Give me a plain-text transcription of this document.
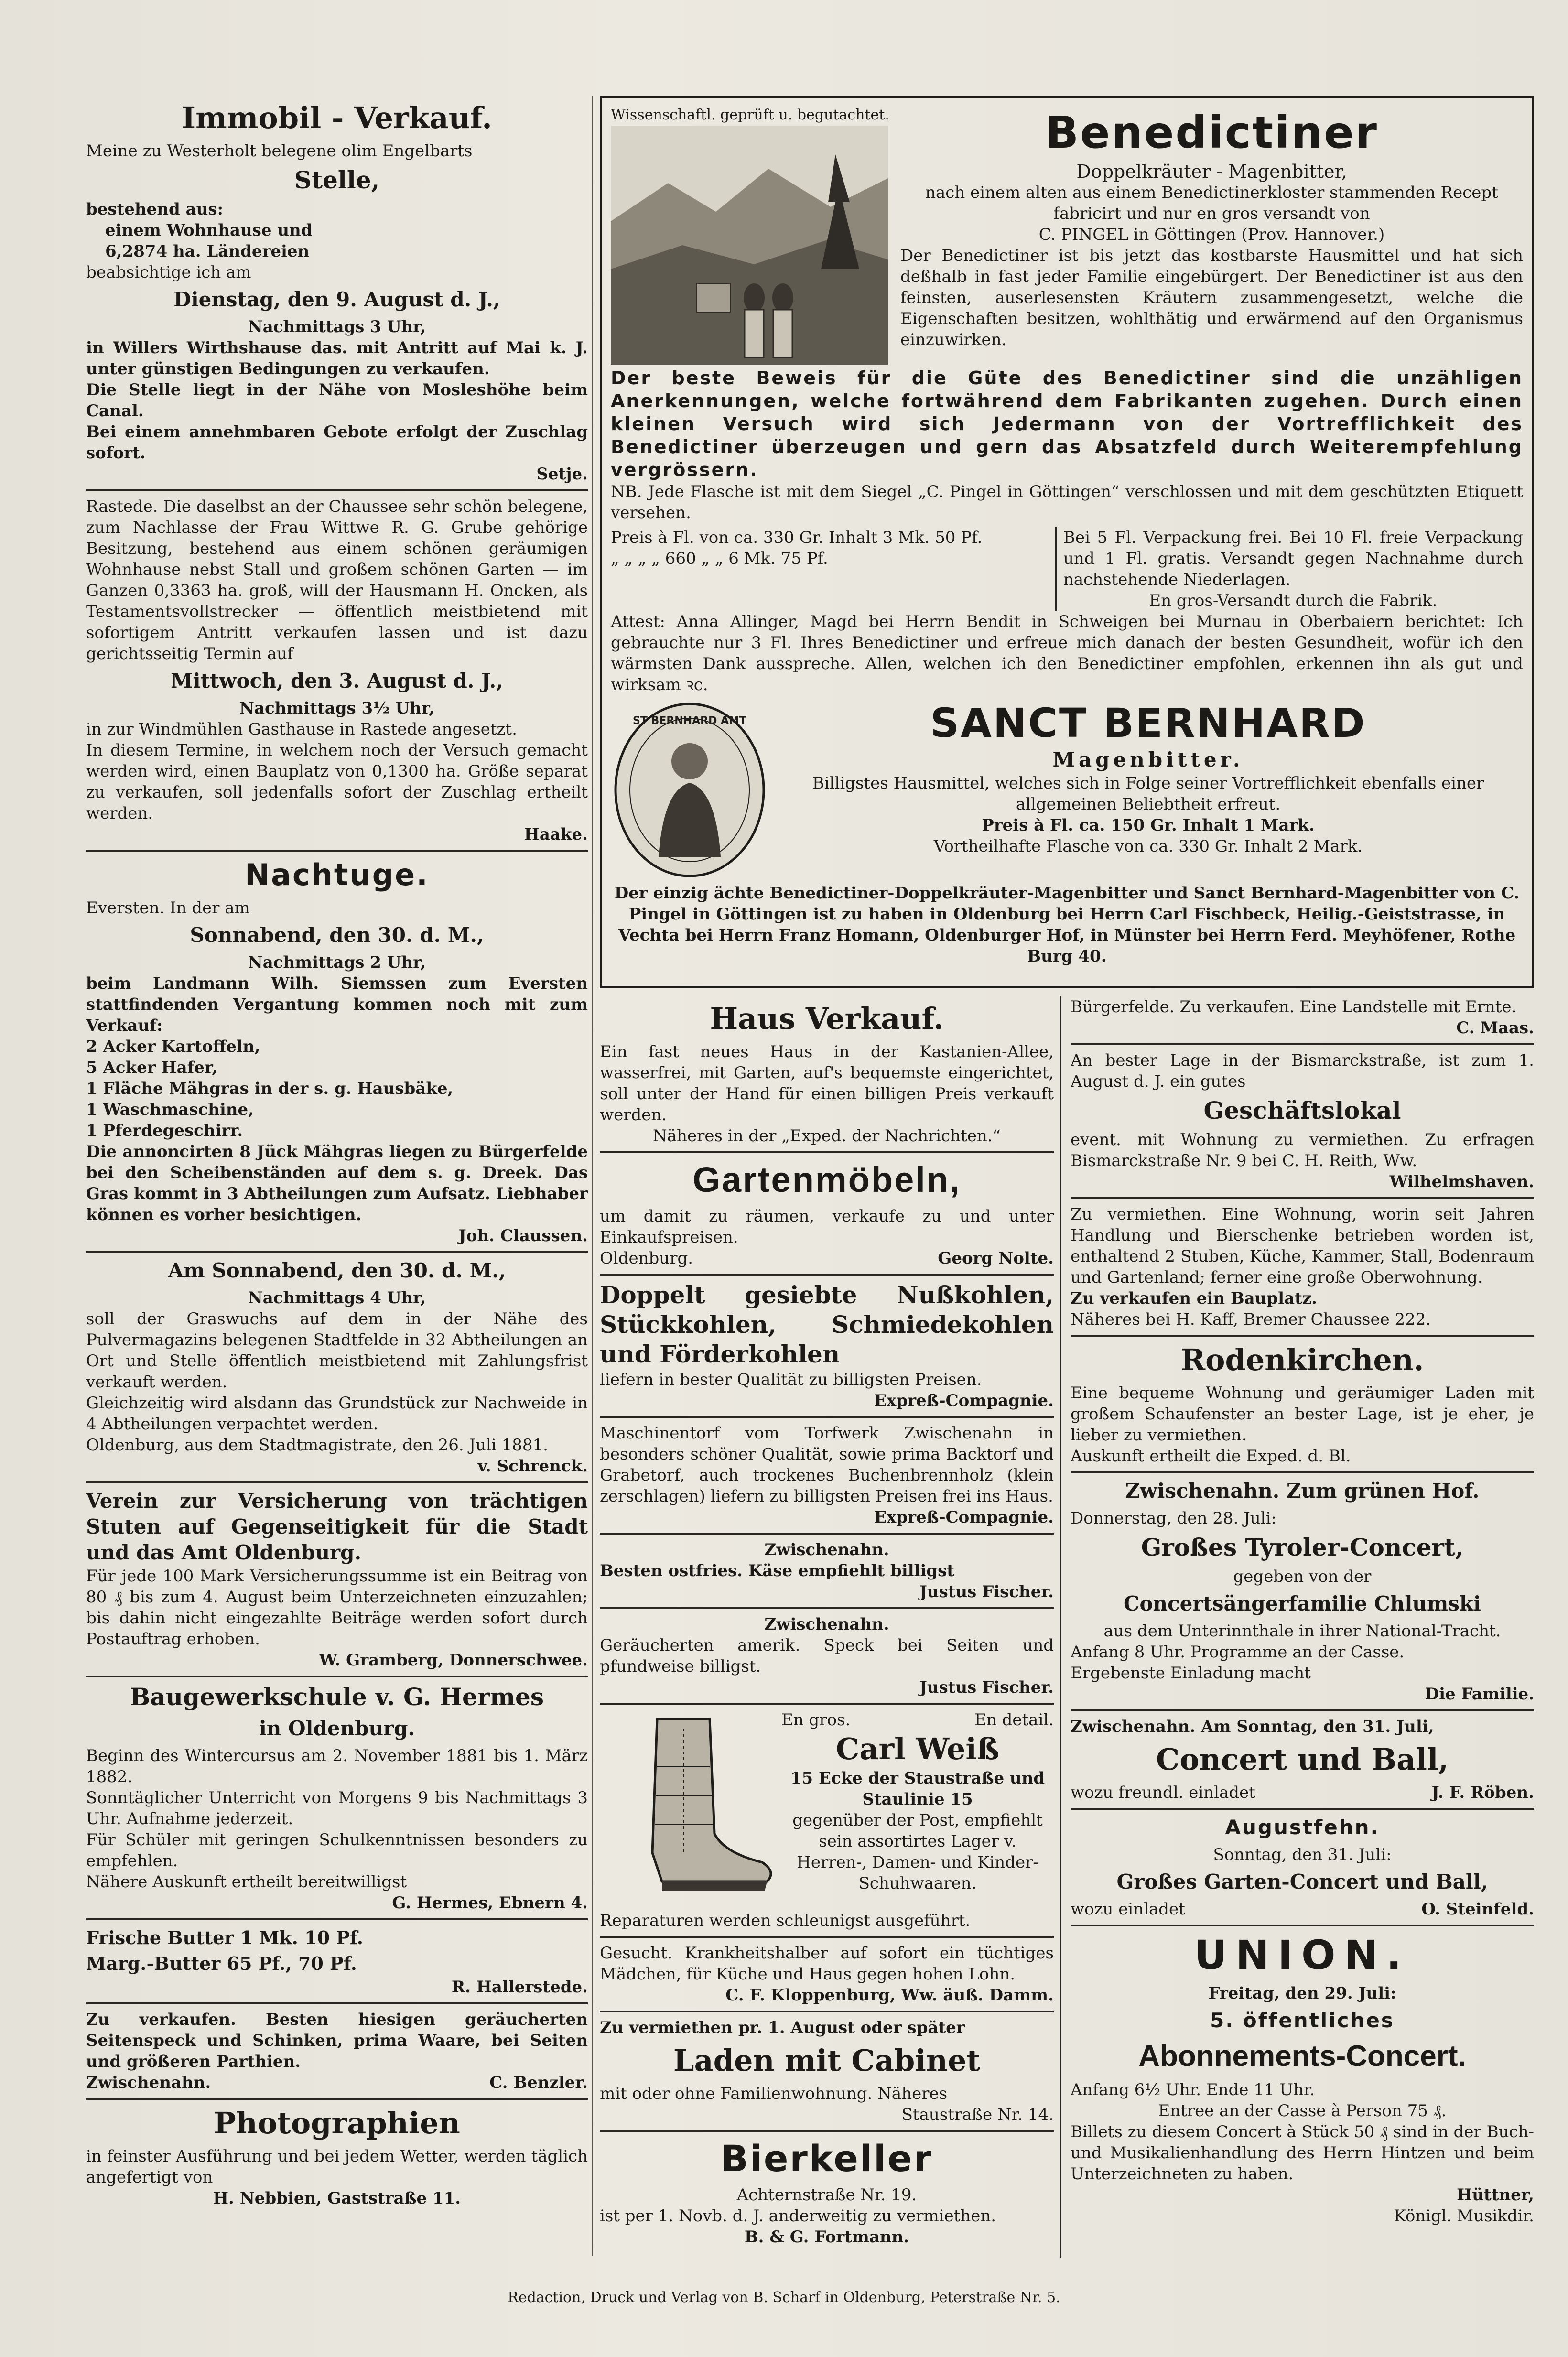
Immobil - Verkauf.

Meine zu Westerholt belegene olim Engelbarts

Stelle,

bestehend aus:

einem Wohnhause und

6,2874 ha. Ländereien

beabsichtige ich am

Dienstag, den 9. August d. J.,

Nachmittags 3 Uhr,

in Willers Wirthshause das. mit Antritt auf Mai k. J. unter günstigen Bedingungen zu verkaufen.

Die Stelle liegt in der Nähe von Mosleshöhe beim Canal.

Bei einem annehmbaren Gebote erfolgt der Zuschlag sofort.

Setje.

Rastede. Die daselbst an der Chaussee sehr schön belegene, zum Nachlasse der Frau Wittwe R. G. Grube gehörige Besitzung, bestehend aus einem schönen geräumigen Wohnhause nebst Stall und großem schönen Garten — im Ganzen 0,3363 ha. groß, will der Hausmann H. Oncken, als Testamentsvollstrecker — öffentlich meistbietend mit sofortigem Antritt verkaufen lassen und ist dazu gerichtsseitig Termin auf

Mittwoch, den 3. August d. J.,

Nachmittags 3½ Uhr,

in zur Windmühlen Gasthause in Rastede angesetzt.

In diesem Termine, in welchem noch der Versuch gemacht werden wird, einen Bauplatz von 0,1300 ha. Größe separat zu verkaufen, soll jedenfalls sofort der Zuschlag ertheilt werden.

Haake.

Nachtuge.

Eversten. In der am

Sonnabend, den 30. d. M.,

Nachmittags 2 Uhr,

beim Landmann Wilh. Siemssen zum Eversten stattfindenden Vergantung kommen noch mit zum Verkauf:

2 Acker Kartoffeln,

5 Acker Hafer,

1 Fläche Mähgras in der s. g. Hausbäke,

1 Waschmaschine,

1 Pferdegeschirr.

Die annoncirten 8 Jück Mähgras liegen zu Bürgerfelde bei den Scheibenständen auf dem s. g. Dreek. Das Gras kommt in 3 Abtheilungen zum Aufsatz. Liebhaber können es vorher besichtigen.

Joh. Claussen.

Am Sonnabend, den 30. d. M.,

Nachmittags 4 Uhr,

soll der Graswuchs auf dem in der Nähe des Pulvermagazins belegenen Stadtfelde in 32 Abtheilungen an Ort und Stelle öffentlich meistbietend mit Zahlungsfrist verkauft werden.

Gleichzeitig wird alsdann das Grundstück zur Nachweide in 4 Abtheilungen verpachtet werden.

Oldenburg, aus dem Stadtmagistrate, den 26. Juli 1881.

v. Schrenck.

Verein zur Versicherung von trächtigen Stuten auf Gegenseitigkeit für die Stadt und das Amt Oldenburg.

Für jede 100 Mark Versicherungssumme ist ein Beitrag von 80 ₰ bis zum 4. August beim Unterzeichneten einzuzahlen; bis dahin nicht eingezahlte Beiträge werden sofort durch Postauftrag erhoben.

W. Gramberg, Donnerschwee.

Baugewerkschule v. G. Hermes

in Oldenburg.

Beginn des Wintercursus am 2. November 1881 bis 1. März 1882.

Sonntäglicher Unterricht von Morgens 9 bis Nachmittags 3 Uhr. Aufnahme jederzeit.

Für Schüler mit geringen Schulkenntnissen besonders zu empfehlen.

Nähere Auskunft ertheilt bereitwilligst

G. Hermes, Ebnern 4.

Frische Butter 1 Mk. 10 Pf.

Marg.-Butter 65 Pf., 70 Pf.

R. Hallerstede.

Zu verkaufen. Besten hiesigen geräucherten Seitenspeck und Schinken, prima Waare, bei Seiten und größeren Parthien.

Zwischenahn.	C. Benzler.

Photographien

in feinster Ausführung und bei jedem Wetter, werden täglich angefertigt von

H. Nebbien, Gaststraße 11.

Wissenschaftl. geprüft u. begutachtet.	Benedictiner

Doppelkräuter - Magenbitter,

nach einem alten aus einem Benedictinerkloster stammenden Recept fabricirt und nur en gros versandt von

C. PINGEL in Göttingen (Prov. Hannover.)

Der Benedictiner ist bis jetzt das kostbarste Hausmittel und hat sich deßhalb in fast jeder Familie eingebürgert. Der Benedictiner ist aus den feinsten, auserlesensten Kräutern zusammengesetzt, welche die Eigenschaften besitzen, wohlthätig und erwärmend auf den Organismus einzuwirken.

Der beste Beweis für die Güte des Benedictiner sind die unzähligen Anerkennungen, welche fortwährend dem Fabrikanten zugehen. Durch einen kleinen Versuch wird sich Jedermann von der Vortrefflichkeit des Benedictiner überzeugen und gern das Absatzfeld durch Weiterempfehlung vergrössern.

NB. Jede Flasche ist mit dem Siegel „C. Pingel in Göttingen“ verschlossen und mit dem geschützten Etiquett versehen.

Preis à Fl. von ca. 330 Gr. Inhalt 3 Mk. 50 Pf.

„ „ „ „ 660 „ „ 6 Mk. 75 Pf.

Bei 5 Fl. Verpackung frei. Bei 10 Fl. freie Verpackung und 1 Fl. gratis. Versandt gegen Nachnahme durch nachstehende Niederlagen.

En gros-Versandt durch die Fabrik.

Attest: Anna Allinger, Magd bei Herrn Bendit in Schweigen bei Murnau in Oberbaiern berichtet: Ich gebrauchte nur 3 Fl. Ihres Benedictiner und erfreue mich danach der besten Gesundheit, wofür ich den wärmsten Dank ausspreche. Allen, welchen ich den Benedictiner empfohlen, erkennen ihn als gut und wirksam ꝛc.

ST BERNHARD AMT	SANCT BERNHARD

Magenbitter.

Billigstes Hausmittel, welches sich in Folge seiner Vortrefflichkeit ebenfalls einer allgemeinen Beliebtheit erfreut.

Preis à Fl. ca. 150 Gr. Inhalt 1 Mark.

Vortheilhafte Flasche von ca. 330 Gr. Inhalt 2 Mark.

Der einzig ächte Benedictiner-Doppelkräuter-Magenbitter und Sanct Bernhard-Magenbitter von C. Pingel in Göttingen ist zu haben in Oldenburg bei Herrn Carl Fischbeck, Heilig.-Geiststrasse, in Vechta bei Herrn Franz Homann, Oldenburger Hof, in Münster bei Herrn Ferd. Meyhöfener, Rothe Burg 40.

Haus Verkauf.

Ein fast neues Haus in der Kastanien-Allee, wasserfrei, mit Garten, auf's bequemste eingerichtet, soll unter der Hand für einen billigen Preis verkauft werden.

Näheres in der „Exped. der Nachrichten.“

Gartenmöbeln,

um damit zu räumen, verkaufe zu und unter Einkaufspreisen.

Oldenburg.	Georg Nolte.

Doppelt gesiebte Nußkohlen, Stückkohlen, Schmiedekohlen und Förderkohlen

liefern in bester Qualität zu billigsten Preisen.

Expreß-Compagnie.

Maschinentorf vom Torfwerk Zwischenahn in besonders schöner Qualität, sowie prima Backtorf und Grabetorf, auch trockenes Buchenbrennholz (klein zerschlagen) liefern zu billigsten Preisen frei ins Haus.

Expreß-Compagnie.

Zwischenahn.

Besten ostfries. Käse empfiehlt billigst

Justus Fischer.

Zwischenahn.

Geräucherten amerik. Speck bei Seiten und pfundweise billigst.

Justus Fischer.

En gros.	En detail.

Carl Weiß

15 Ecke der Staustraße und Staulinie 15

gegenüber der Post, empfiehlt sein assortirtes Lager v. Herren-, Damen- und Kinder-Schuhwaaren.

Reparaturen werden schleunigst ausgeführt.

Gesucht. Krankheitshalber auf sofort ein tüchtiges Mädchen, für Küche und Haus gegen hohen Lohn.

C. F. Kloppenburg, Ww. äuß. Damm.

Zu vermiethen pr. 1. August oder später

Laden mit Cabinet

mit oder ohne Familienwohnung. Näheres

Staustraße Nr. 14.

Bierkeller

Achternstraße Nr. 19.

ist per 1. Novb. d. J. anderweitig zu vermiethen.

B. & G. Fortmann.

Bürgerfelde. Zu verkaufen. Eine Landstelle mit Ernte.

C. Maas.

An bester Lage in der Bismarckstraße, ist zum 1. August d. J. ein gutes

Geschäftslokal

event. mit Wohnung zu vermiethen. Zu erfragen Bismarckstraße Nr. 9 bei C. H. Reith, Ww.

Wilhelmshaven.

Zu vermiethen. Eine Wohnung, worin seit Jahren Handlung und Bierschenke betrieben worden ist, enthaltend 2 Stuben, Küche, Kammer, Stall, Bodenraum und Gartenland; ferner eine große Oberwohnung.

Zu verkaufen ein Bauplatz.

Näheres bei H. Kaff, Bremer Chaussee 222.

Rodenkirchen.

Eine bequeme Wohnung und geräumiger Laden mit großem Schaufenster an bester Lage, ist je eher, je lieber zu vermiethen.

Auskunft ertheilt die Exped. d. Bl.

Zwischenahn. Zum grünen Hof.

Donnerstag, den 28. Juli:

Großes Tyroler-Concert,

gegeben von der

Concertsängerfamilie Chlumski

aus dem Unterinnthale in ihrer National-Tracht.

Anfang 8 Uhr. Programme an der Casse.

Ergebenste Einladung macht

Die Familie.

Zwischenahn. Am Sonntag, den 31. Juli,

Concert und Ball,

wozu freundl. einladet	J. F. Röben.

Augustfehn.

Sonntag, den 31. Juli:

Großes Garten-Concert und Ball,

wozu einladet	O. Steinfeld.

UNION.

Freitag, den 29. Juli:

5. öffentliches

Abonnements-Concert.

Anfang 6½ Uhr. Ende 11 Uhr.

Entree an der Casse à Person 75 ₰.

Billets zu diesem Concert à Stück 50 ₰ sind in der Buch- und Musikalienhandlung des Herrn Hintzen und beim Unterzeichneten zu haben.

Hüttner,

Königl. Musikdir.

Redaction, Druck und Verlag von B. Scharf in Oldenburg, Peterstraße Nr. 5.
